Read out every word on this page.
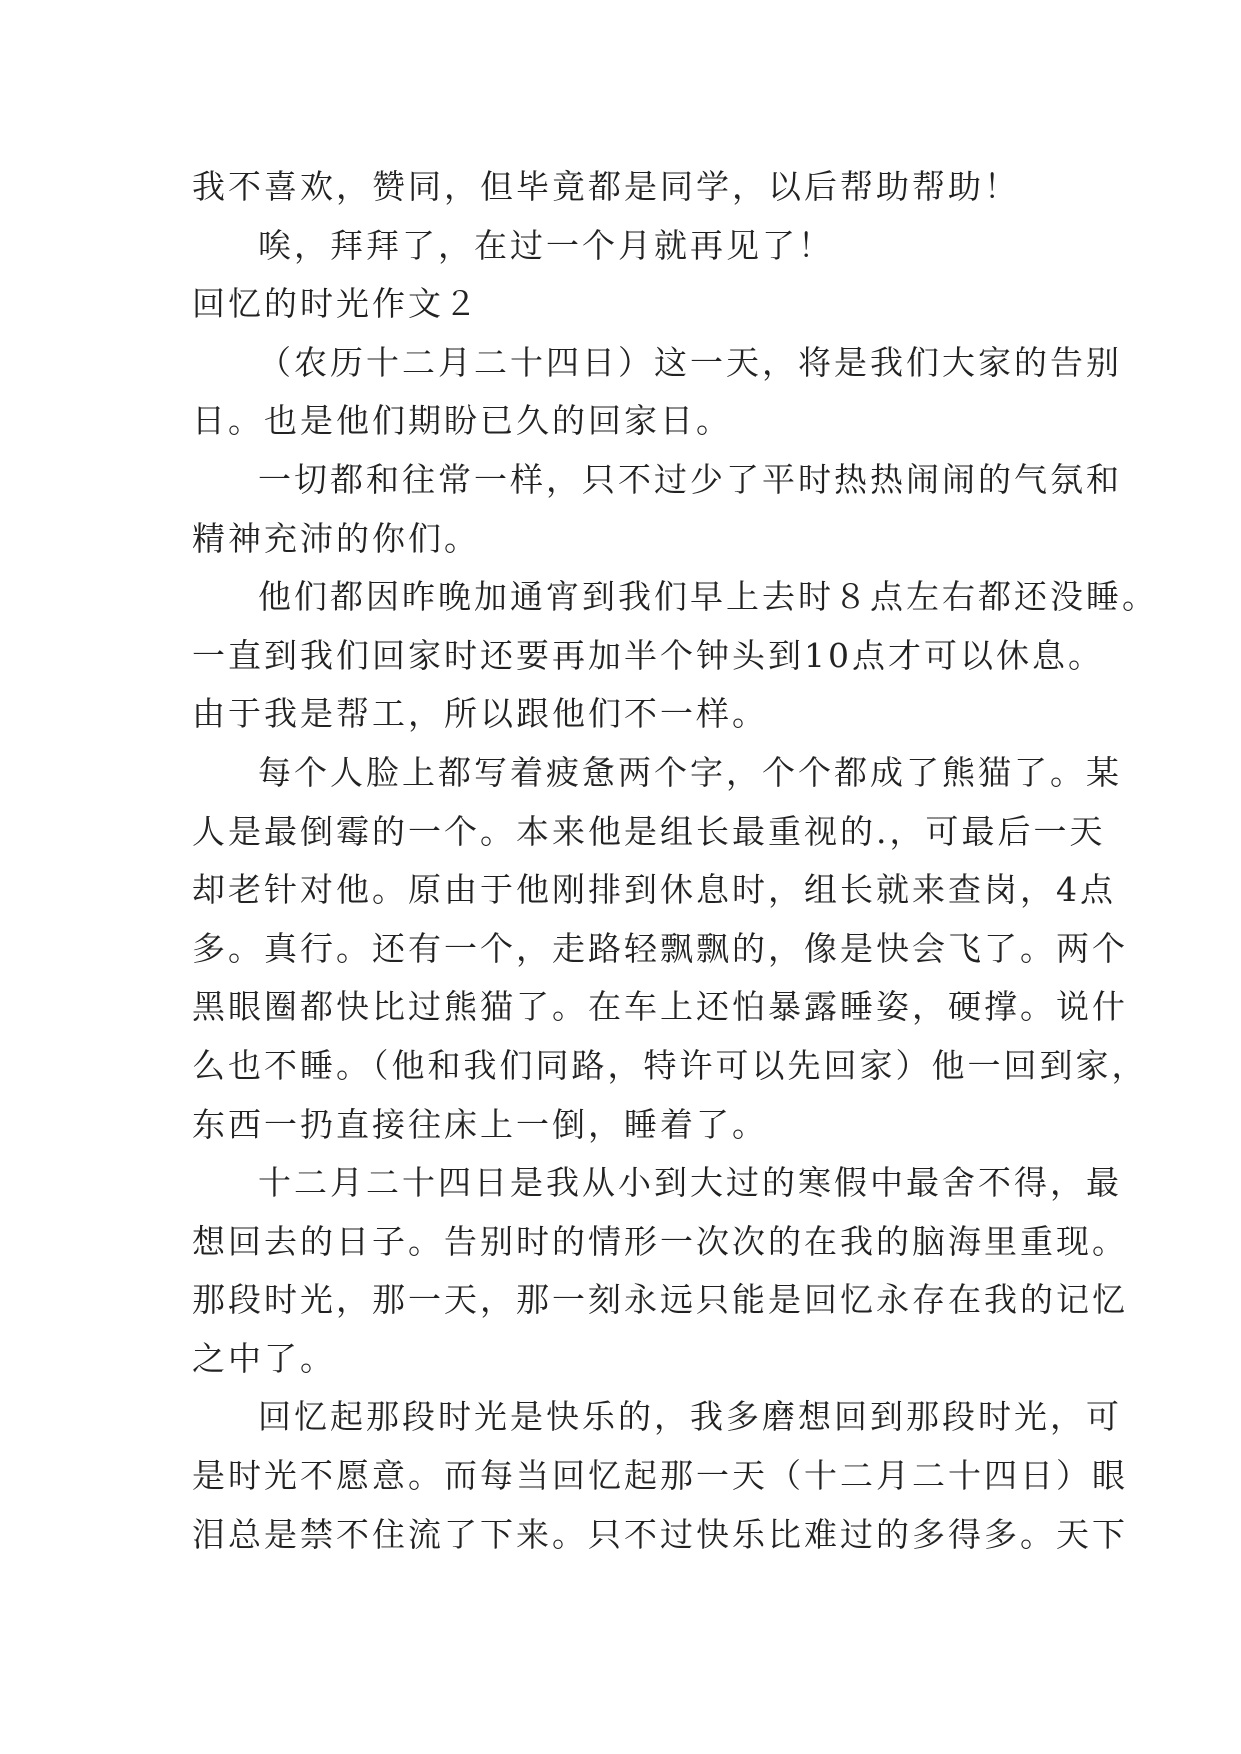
我不喜欢，赞同，但毕竟都是同学，以后帮助帮助！
唉，拜拜了，在过一个月就再见了！
回忆的时光作文２
（农历十二月二十四日）这一天，将是我们大家的告别
日。也是他们期盼已久的回家日。
一切都和往常一样，只不过少了平时热热闹闹的气氛和
精神充沛的你们。
他们都因昨晚加通宵到我们早上去时８点左右都还没睡。
一直到我们回家时还要再加半个钟头到10点才可以休息。
由于我是帮工，所以跟他们不一样。
每个人脸上都写着疲惫两个字，个个都成了熊猫了。某
人是最倒霉的一个。本来他是组长最重视的.，可最后一天
却老针对他。原由于他刚排到休息时，组长就来查岗，4点
多。真行。还有一个，走路轻飘飘的，像是快会飞了。两个
黑眼圈都快比过熊猫了。在车上还怕暴露睡姿，硬撑。说什
么也不睡。（他和我们同路，特许可以先回家）他一回到家，
东西一扔直接往床上一倒，睡着了。
十二月二十四日是我从小到大过的寒假中最舍不得，最
想回去的日子。告别时的情形一次次的在我的脑海里重现。
那段时光，那一天，那一刻永远只能是回忆永存在我的记忆
之中了。
回忆起那段时光是快乐的，我多磨想回到那段时光，可
是时光不愿意。而每当回忆起那一天（十二月二十四日）眼
泪总是禁不住流了下来。只不过快乐比难过的多得多。天下
